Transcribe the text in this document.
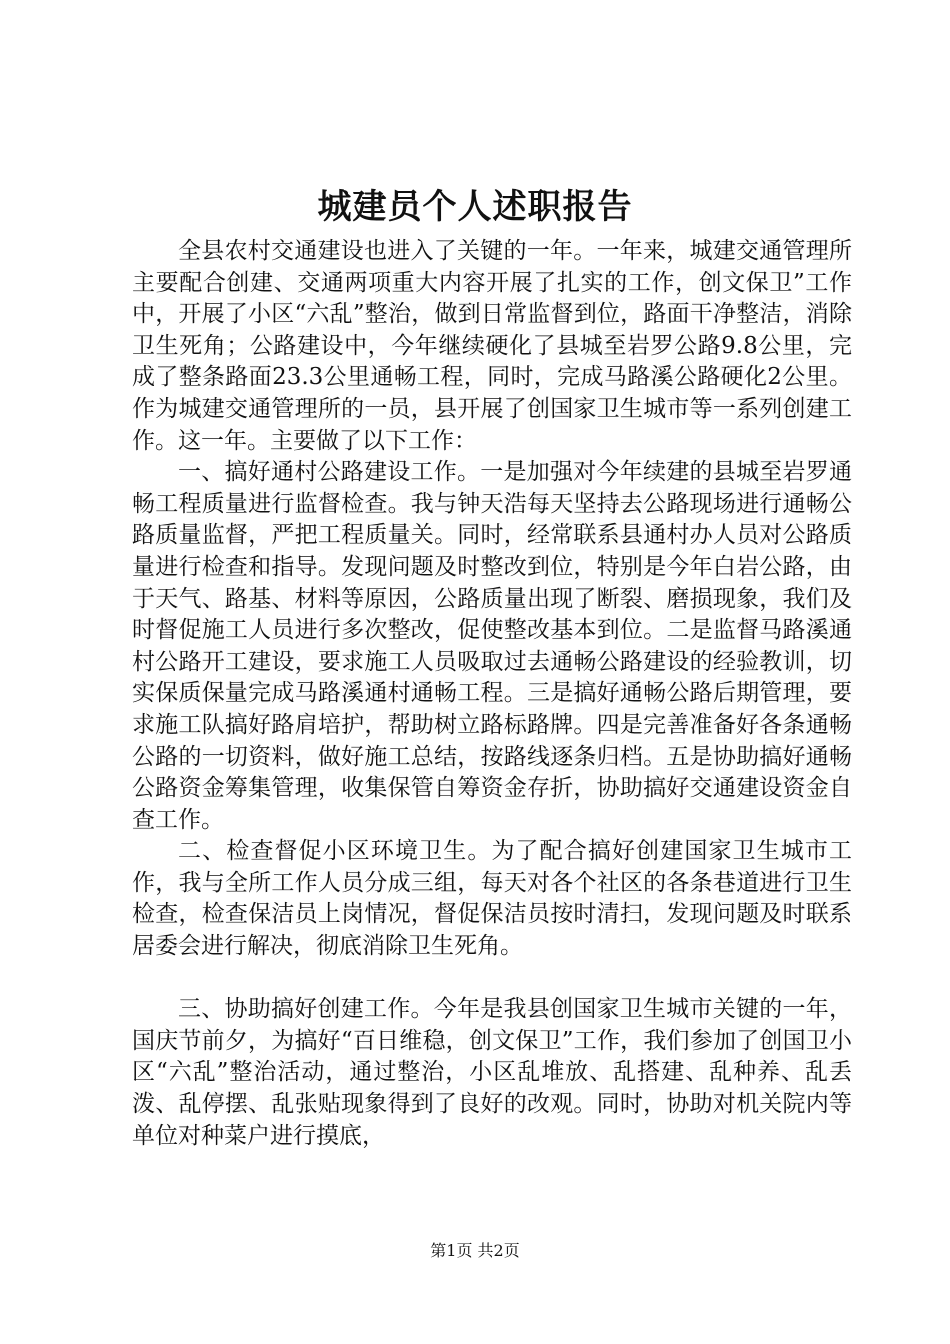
城建员个人述职报告

全县农村交通建设也进入了关键的一年。一年来，城建交通管理所主要配合创建、交通两项重大内容开展了扎实的工作，创文保卫”工作中，开展了小区“六乱”整治，做到日常监督到位，路面干净整洁，消除卫生死角；公路建设中，今年继续硬化了县城至岩罗公路9.8公里，完成了整条路面23.3公里通畅工程，同时，完成马路溪公路硬化2公里。作为城建交通管理所的一员，县开展了创国家卫生城市等一系列创建工作。这一年。主要做了以下工作：

一、搞好通村公路建设工作。一是加强对今年续建的县城至岩罗通畅工程质量进行监督检查。我与钟天浩每天坚持去公路现场进行通畅公路质量监督，严把工程质量关。同时，经常联系县通村办人员对公路质量进行检查和指导。发现问题及时整改到位，特别是今年白岩公路，由于天气、路基、材料等原因，公路质量出现了断裂、磨损现象，我们及时督促施工人员进行多次整改，促使整改基本到位。二是监督马路溪通村公路开工建设，要求施工人员吸取过去通畅公路建设的经验教训，切实保质保量完成马路溪通村通畅工程。三是搞好通畅公路后期管理，要求施工队搞好路肩培护，帮助树立路标路牌。四是完善准备好各条通畅公路的一切资料，做好施工总结，按路线逐条归档。五是协助搞好通畅公路资金筹集管理，收集保管自筹资金存折，协助搞好交通建设资金自查工作。

二、检查督促小区环境卫生。为了配合搞好创建国家卫生城市工作，我与全所工作人员分成三组，每天对各个社区的各条巷道进行卫生检查，检查保洁员上岗情况，督促保洁员按时清扫，发现问题及时联系居委会进行解决，彻底消除卫生死角。

三、协助搞好创建工作。今年是我县创国家卫生城市关键的一年，国庆节前夕，为搞好“百日维稳，创文保卫”工作，我们参加了创国卫小区“六乱”整治活动，通过整治，小区乱堆放、乱搭建、乱种养、乱丢泼、乱停摆、乱张贴现象得到了良好的改观。同时，协助对机关院内等单位对种菜户进行摸底，

第1页 共2页
